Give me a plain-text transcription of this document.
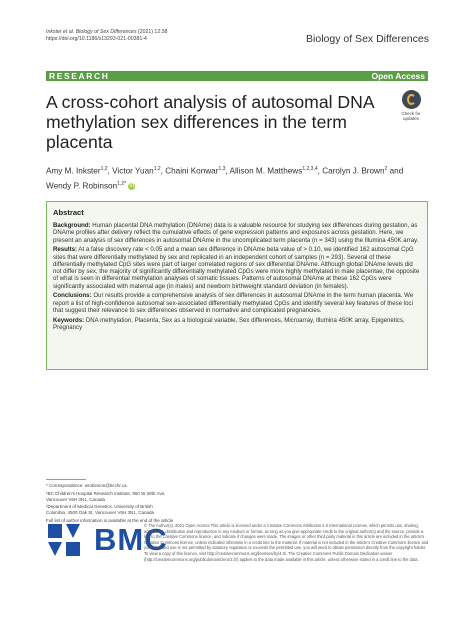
Inkster et al. Biology of Sex Differences (2021) 12:38
https://doi.org/10.1186/s13293-021-00381-4	Biology of Sex Differences
RESEARCH	Open Access
A cross-cohort analysis of autosomal DNA methylation sex differences in the term placenta
Check for
updates
Amy M. Inkster$^{1,2}$, Victor Yuan$^{1,2}$, Chaini Konwar$^{1,3}$, Allison M. Matthews$^{1,2,3,4}$, Carolyn J. Brown$^2$ and Wendy P. Robinson$^{1,2*}$ iD
Abstract

Background: Human placental DNA methylation (DNAme) data is a valuable resource for studying sex differences during gestation, as DNAme profiles after delivery reflect the cumulative effects of gene expression patterns and exposures across gestation. Here, we present an analysis of sex differences in autosomal DNAme in the uncomplicated term placenta (n = 343) using the Illumina 450K array.

Results: At a false discovery rate < 0.05 and a mean sex difference in DNAme beta value of > 0.10, we identified 162 autosomal CpG sites that were differentially methylated by sex and replicated in an independent cohort of samples (n = 293). Several of these differentially methylated CpG sites were part of larger correlated regions of sex differential DNAme. Although global DNAme levels did not differ by sex, the majority of significantly differentially methylated CpGs were more highly methylated in male placentae, the opposite of what is seen in differential methylation analyses of somatic tissues. Patterns of autosomal DNAme at these 162 CpGs were significantly associated with maternal age (in males) and newborn birthweight standard deviation (in females).

Conclusions: Our results provide a comprehensive analysis of sex differences in autosomal DNAme in the term human placenta. We report a list of high-confidence autosomal sex-associated differentially methylated CpGs and identify several key features of these loci that suggest their relevance to sex differences observed in normative and complicated pregnancies.

Keywords: DNA methylation, Placenta, Sex as a biological variable, Sex differences, Microarray, Illumina 450K array, Epigenetics, Pregnancy

* Correspondence: wrobinson@bcchr.ca

¹BC Children's Hospital Research Institute, 950 W 28th Ave, Vancouver V6H 3N1, Canada

²Department of Medical Genetics, University of British Columbia, 4500 Oak St, Vancouver V6H 3N1, Canada

Full list of author information is available at the end of the article

BMC
© The Author(s). 2021 Open Access This article is licensed under a Creative Commons Attribution 4.0 International License, which permits use, sharing, adaptation, distribution and reproduction in any medium or format, as long as you give appropriate credit to the original author(s) and the source, provide a link to the Creative Commons licence, and indicate if changes were made. The images or other third party material in this article are included in the article's Creative Commons licence, unless indicated otherwise in a credit line to the material. If material is not included in the article's Creative Commons licence and your intended use is not permitted by statutory regulation or exceeds the permitted use, you will need to obtain permission directly from the copyright holder. To view a copy of this licence, visit http://creativecommons.org/licenses/by/4.0/. The Creative Commons Public Domain Dedication waiver (http://creativecommons.org/publicdomain/zero/1.0/) applies to the data made available in this article, unless otherwise stated in a credit line to the data.
